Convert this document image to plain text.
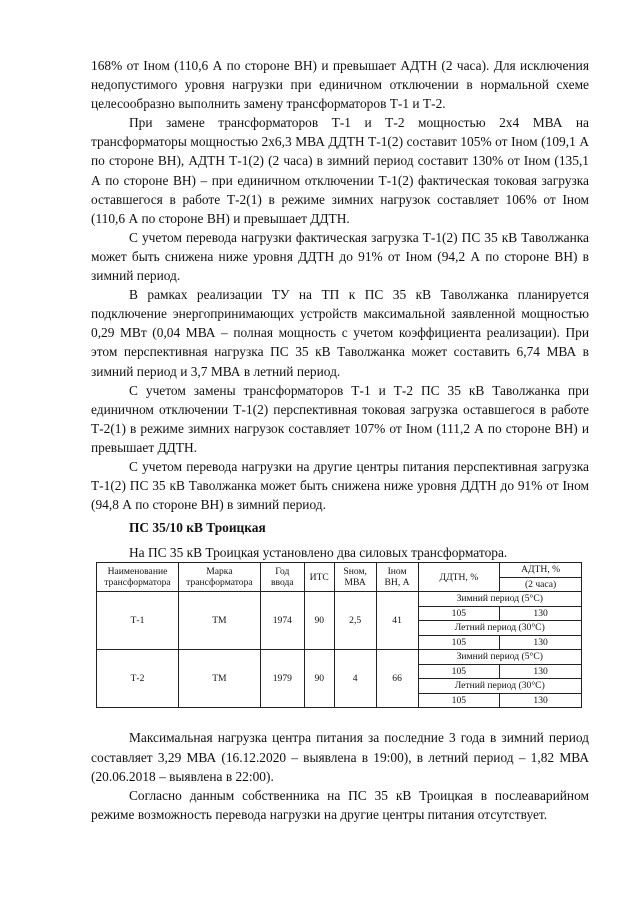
168% от Iном (110,6 А по стороне ВН) и превышает АДТН (2 часа). Для исключения недопустимого уровня нагрузки при единичном отключении в нормальной схеме целесообразно выполнить замену трансформаторов Т-1 и Т-2.

При замене трансформаторов Т-1 и Т-2 мощностью 2х4 МВА на трансформаторы мощностью 2х6,3 МВА ДДТН Т-1(2) составит 105% от Iном (109,1 А по стороне ВН), АДТН Т-1(2) (2 часа) в зимний период составит 130% от Iном (135,1 А по стороне ВН) – при единичном отключении Т-1(2) фактическая токовая загрузка оставшегося в работе Т-2(1) в режиме зимних нагрузок составляет 106% от Iном (110,6 А по стороне ВН) и превышает ДДТН.

С учетом перевода нагрузки фактическая загрузка Т-1(2) ПС 35 кВ Таволжанка может быть снижена ниже уровня ДДТН до 91% от Iном (94,2 А по стороне ВН) в зимний период.

В рамках реализации ТУ на ТП к ПС 35 кВ Таволжанка планируется подключение энергопринимающих устройств максимальной заявленной мощностью 0,29 МВт (0,04 МВА – полная мощность с учетом коэффициента реализации). При этом перспективная нагрузка ПС 35 кВ Таволжанка может составить 6,74 МВА в зимний период и 3,7 МВА в летний период.

С учетом замены трансформаторов Т-1 и Т-2 ПС 35 кВ Таволжанка при единичном отключении Т-1(2) перспективная токовая загрузка оставшегося в работе Т-2(1) в режиме зимних нагрузок составляет 107% от Iном (111,2 А по стороне ВН) и превышает ДДТН.

С учетом перевода нагрузки на другие центры питания перспективная загрузка Т-1(2) ПС 35 кВ Таволжанка может быть снижена ниже уровня ДДТН до 91% от Iном (94,8 А по стороне ВН) в зимний период.

ПС 35/10 кВ Троицкая

На ПС 35 кВ Троицкая установлено два силовых трансформатора.

Наименование трансформатора	Марка трансформатора	Год ввода	ИТС	Sном, МВА	Iном ВН, А	ДДТН, %	АДТН, %
							(2 часа)
Т-1	ТМ	1974	90	2,5	41	Зимний период (5°С)	
						105	130
						Летний период (30°С)	
						105	130
Т-2	ТМ	1979	90	4	66	Зимний период (5°С)	
						105	130
						Летний период (30°С)	
						105	130

Максимальная нагрузка центра питания за последние 3 года в зимний период составляет 3,29 МВА (16.12.2020 – выявлена в 19:00), в летний период – 1,82 МВА (20.06.2018 – выявлена в 22:00).

Согласно данным собственника на ПС 35 кВ Троицкая в послеаварийном режиме возможность перевода нагрузки на другие центры питания отсутствует.
